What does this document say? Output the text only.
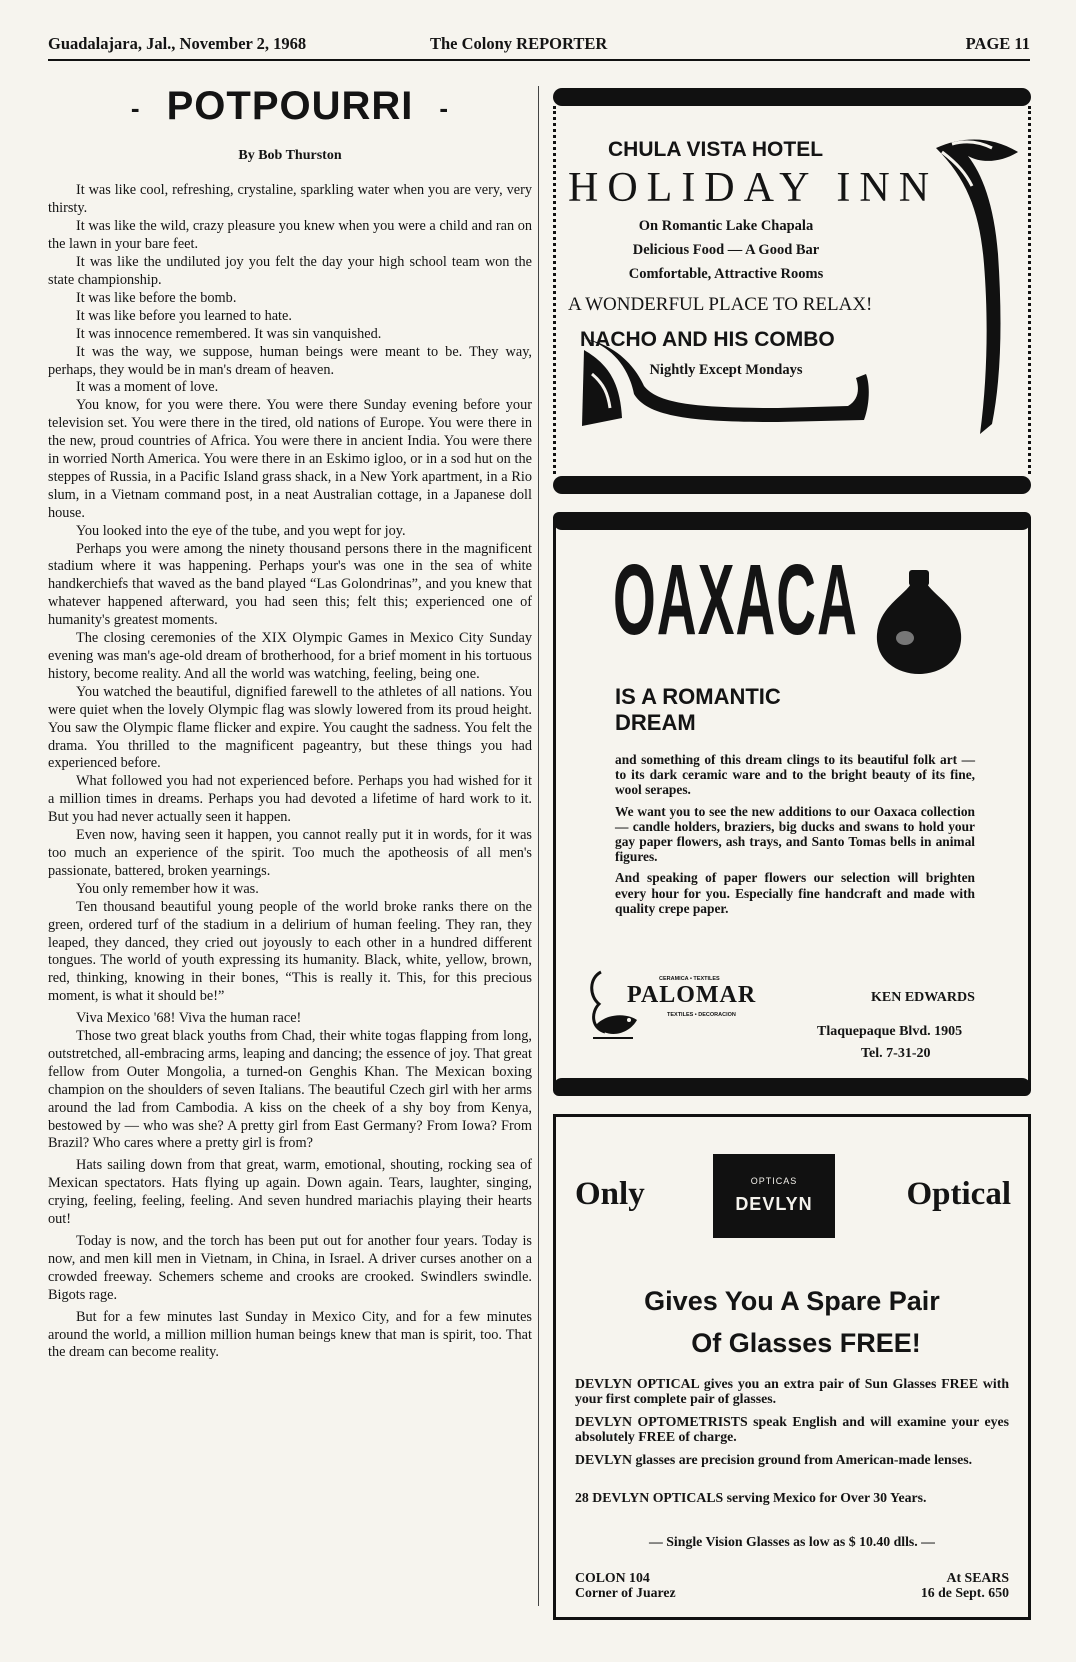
Guadalajara, Jal., November 2, 1968	The Colony REPORTER	PAGE 11
- POTPOURRI -
By Bob Thurston

It was like cool, refreshing, crystaline, sparkling water when you are very, very thirsty.

It was like the wild, crazy pleasure you knew when you were a child and ran on the lawn in your bare feet.

It was like the undiluted joy you felt the day your high school team won the state championship.

It was like before the bomb.

It was like before you learned to hate.

It was innocence remembered. It was sin vanquished.

It was the way, we suppose, human beings were meant to be. They way, perhaps, they would be in man's dream of heaven.

It was a moment of love.

You know, for you were there. You were there Sunday evening before your television set. You were there in the tired, old nations of Europe. You were there in the new, proud countries of Africa. You were there in ancient India. You were there in worried North America. You were there in an Eskimo igloo, or in a sod hut on the steppes of Russia, in a Pacific Island grass shack, in a New York apartment, in a Rio slum, in a Vietnam command post, in a neat Australian cottage, in a Japanese doll house.

You looked into the eye of the tube, and you wept for joy.

Perhaps you were among the ninety thousand persons there in the magnificent stadium where it was happening. Perhaps your's was one in the sea of white handkerchiefs that waved as the band played “Las Golondrinas”, and you knew that whatever happened afterward, you had seen this; felt this; experienced one of humanity's greatest moments.

The closing ceremonies of the XIX Olympic Games in Mexico City Sunday evening was man's age-old dream of brotherhood, for a brief moment in his tortuous history, become reality. And all the world was watching, feeling, being one.

You watched the beautiful, dignified farewell to the athletes of all nations. You were quiet when the lovely Olympic flag was slowly lowered from its proud height. You saw the Olympic flame flicker and expire. You caught the sadness. You felt the drama. You thrilled to the magnificent pageantry, but these things you had experienced before.

What followed you had not experienced before. Perhaps you had wished for it a million times in dreams. Perhaps you had devoted a lifetime of hard work to it. But you had never actually seen it happen.

Even now, having seen it happen, you cannot really put it in words, for it was too much an experience of the spirit. Too much the apotheosis of all men's passionate, battered, broken yearnings.

You only remember how it was.

Ten thousand beautiful young people of the world broke ranks there on the green, ordered turf of the stadium in a delirium of human feeling. They ran, they leaped, they danced, they cried out joyously to each other in a hundred different tongues. The world of youth expressing its humanity. Black, white, yellow, brown, red, thinking, knowing in their bones, “This is really it. This, for this precious moment, is what it should be!”

Viva Mexico '68! Viva the human race!

Those two great black youths from Chad, their white togas flapping from long, outstretched, all-embracing arms, leaping and dancing; the essence of joy. That great fellow from Outer Mongolia, a turned-on Genghis Khan. The Mexican boxing champion on the shoulders of seven Italians. The beautiful Czech girl with her arms around the lad from Cambodia. A kiss on the cheek of a shy boy from Kenya, bestowed by — who was she? A pretty girl from East Germany? From Iowa? From Brazil? Who cares where a pretty girl is from?

Hats sailing down from that great, warm, emotional, shouting, rocking sea of Mexican spectators. Hats flying up again. Down again. Tears, laughter, singing, crying, feeling, feeling, feeling. And seven hundred mariachis playing their hearts out!

Today is now, and the torch has been put out for another four years. Today is now, and men kill men in Vietnam, in China, in Israel. A driver curses another on a crowded freeway. Schemers scheme and crooks are crooked. Swindlers swindle. Bigots rage.

But for a few minutes last Sunday in Mexico City, and for a few minutes around the world, a million million human beings knew that man is spirit, too. That the dream can become reality.

CHULA VISTA HOTEL
HOLIDAY INN
On Romantic Lake Chapala
Delicious Food — A Good Bar
Comfortable, Attractive Rooms
A WONDERFUL PLACE TO RELAX!
NACHO AND HIS COMBO
Nightly Except Mondays
OAXACA
IS A ROMANTIC DREAM

and something of this dream clings to its beautiful folk art — to its dark ceramic ware and to the bright beauty of its fine, wool serapes.

We want you to see the new additions to our Oaxaca collection — candle holders, braziers, big ducks and swans to hold your gay paper flowers, ash trays, and Santo Tomas bells in animal figures.

And speaking of paper flowers our selection will brighten every hour for you. Especially fine handcraft and made with quality crepe paper.

CERAMICA • TEXTILES
PALOMAR
TEXTILES • DECORACION
KEN EDWARDS
Tlaquepaque Blvd. 1905
Tel. 7-31-20
Only	OPTICAS
DEVLYN	Optical
Gives You A Spare Pair
Of Glasses FREE!
DEVLYN OPTICAL gives you an extra pair of Sun Glasses FREE with your first complete pair of glasses.
DEVLYN OPTOMETRISTS speak English and will examine your eyes absolutely FREE of charge.
DEVLYN glasses are precision ground from American-made lenses.
28 DEVLYN OPTICALS serving Mexico for Over 30 Years.
— Single Vision Glasses as low as $ 10.40 dlls. —
COLON 104
Corner of Juarez
At SEARS
16 de Sept. 650
